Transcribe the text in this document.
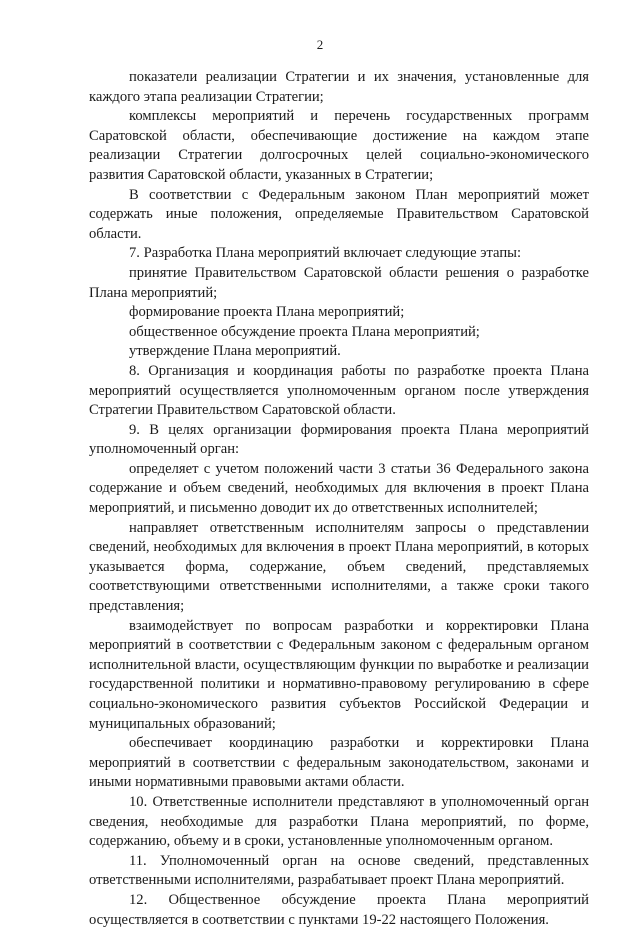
2

показатели реализации Стратегии и их значения, установленные для каждого этапа реализации Стратегии;

комплексы мероприятий и перечень государственных программ Саратовской области, обеспечивающие достижение на каждом этапе реализации Стратегии долгосрочных целей социально-экономического развития Саратовской области, указанных в Стратегии;

В соответствии с Федеральным законом План мероприятий может содержать иные положения, определяемые Правительством Саратовской области.

7. Разработка Плана мероприятий включает следующие этапы:

принятие Правительством Саратовской области решения о разработке Плана мероприятий;

формирование проекта Плана мероприятий;

общественное обсуждение проекта Плана мероприятий;

утверждение Плана мероприятий.

8. Организация и координация работы по разработке проекта Плана мероприятий осуществляется уполномоченным органом после утверждения Стратегии Правительством Саратовской области.

9. В целях организации формирования проекта Плана мероприятий уполномоченный орган:

определяет с учетом положений части 3 статьи 36 Федерального закона содержание и объем сведений, необходимых для включения в проект Плана мероприятий, и письменно доводит их до ответственных исполнителей;

направляет ответственным исполнителям запросы о представлении сведений, необходимых для включения в проект Плана мероприятий, в которых указывается форма, содержание, объем сведений, представляемых соответствующими ответственными исполнителями, а также сроки такого представления;

взаимодействует по вопросам разработки и корректировки Плана мероприятий в соответствии с Федеральным законом с федеральным органом исполнительной власти, осуществляющим функции по выработке и реализации государственной политики и нормативно-правовому регулированию в сфере социально-экономического развития субъектов Российской Федерации и муниципальных образований;

обеспечивает координацию разработки и корректировки Плана мероприятий в соответствии с федеральным законодательством, законами и иными нормативными правовыми актами области.

10. Ответственные исполнители представляют в уполномоченный орган сведения, необходимые для разработки Плана мероприятий, по форме, содержанию, объему и в сроки, установленные уполномоченным органом.

11. Уполномоченный орган на основе сведений, представленных ответственными исполнителями, разрабатывает проект Плана мероприятий.

12. Общественное обсуждение проекта Плана мероприятий осуществляется в соответствии с пунктами 19-22 настоящего Положения.
